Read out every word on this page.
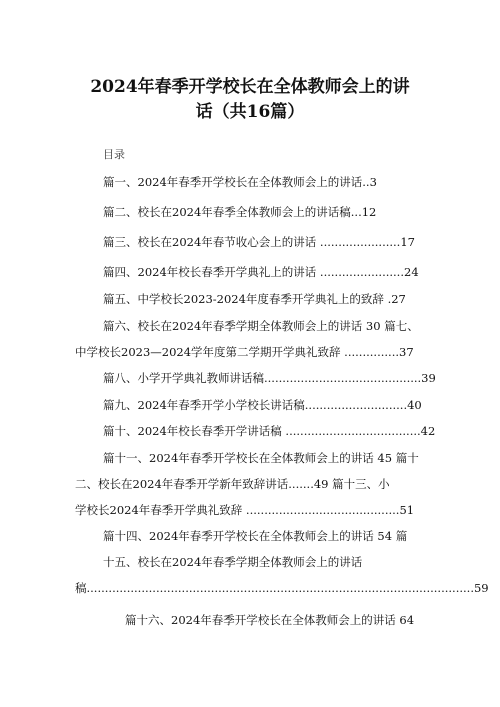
2024年春季开学校长在全体教师会上的讲
话（共16篇）
目录
篇一、2024年春季开学校长在全体教师会上的讲话..3
篇二、校长在2024年春季全体教师会上的讲话稿...12
篇三、校长在2024年春节收心会上的讲话 ......................17
篇四、2024年校长春季开学典礼上的讲话 .......................24
篇五、中学校长2023-2024年度春季开学典礼上的致辞 .27
篇六、校长在2024年春季学期全体教师会上的讲话 30 篇七、
中学校长2023—2024学年度第二学期开学典礼致辞 ...............37
篇八、小学开学典礼教师讲话稿...........................................39
篇九、2024年春季开学小学校长讲话稿............................40
篇十、2024年校长春季开学讲话稿 .....................................42
篇十一、2024年春季开学校长在全体教师会上的讲话 45 篇十
二、校长在2024年春季开学新年致辞讲话.......49 篇十三、小
学校长2024年春季开学典礼致辞 ..........................................51
篇十四、2024年春季开学校长在全体教师会上的讲话 54 篇
十五、校长在2024年春季学期全体教师会上的讲话
稿..........................................................................................................59
篇十六、2024年春季开学校长在全体教师会上的讲话 64
